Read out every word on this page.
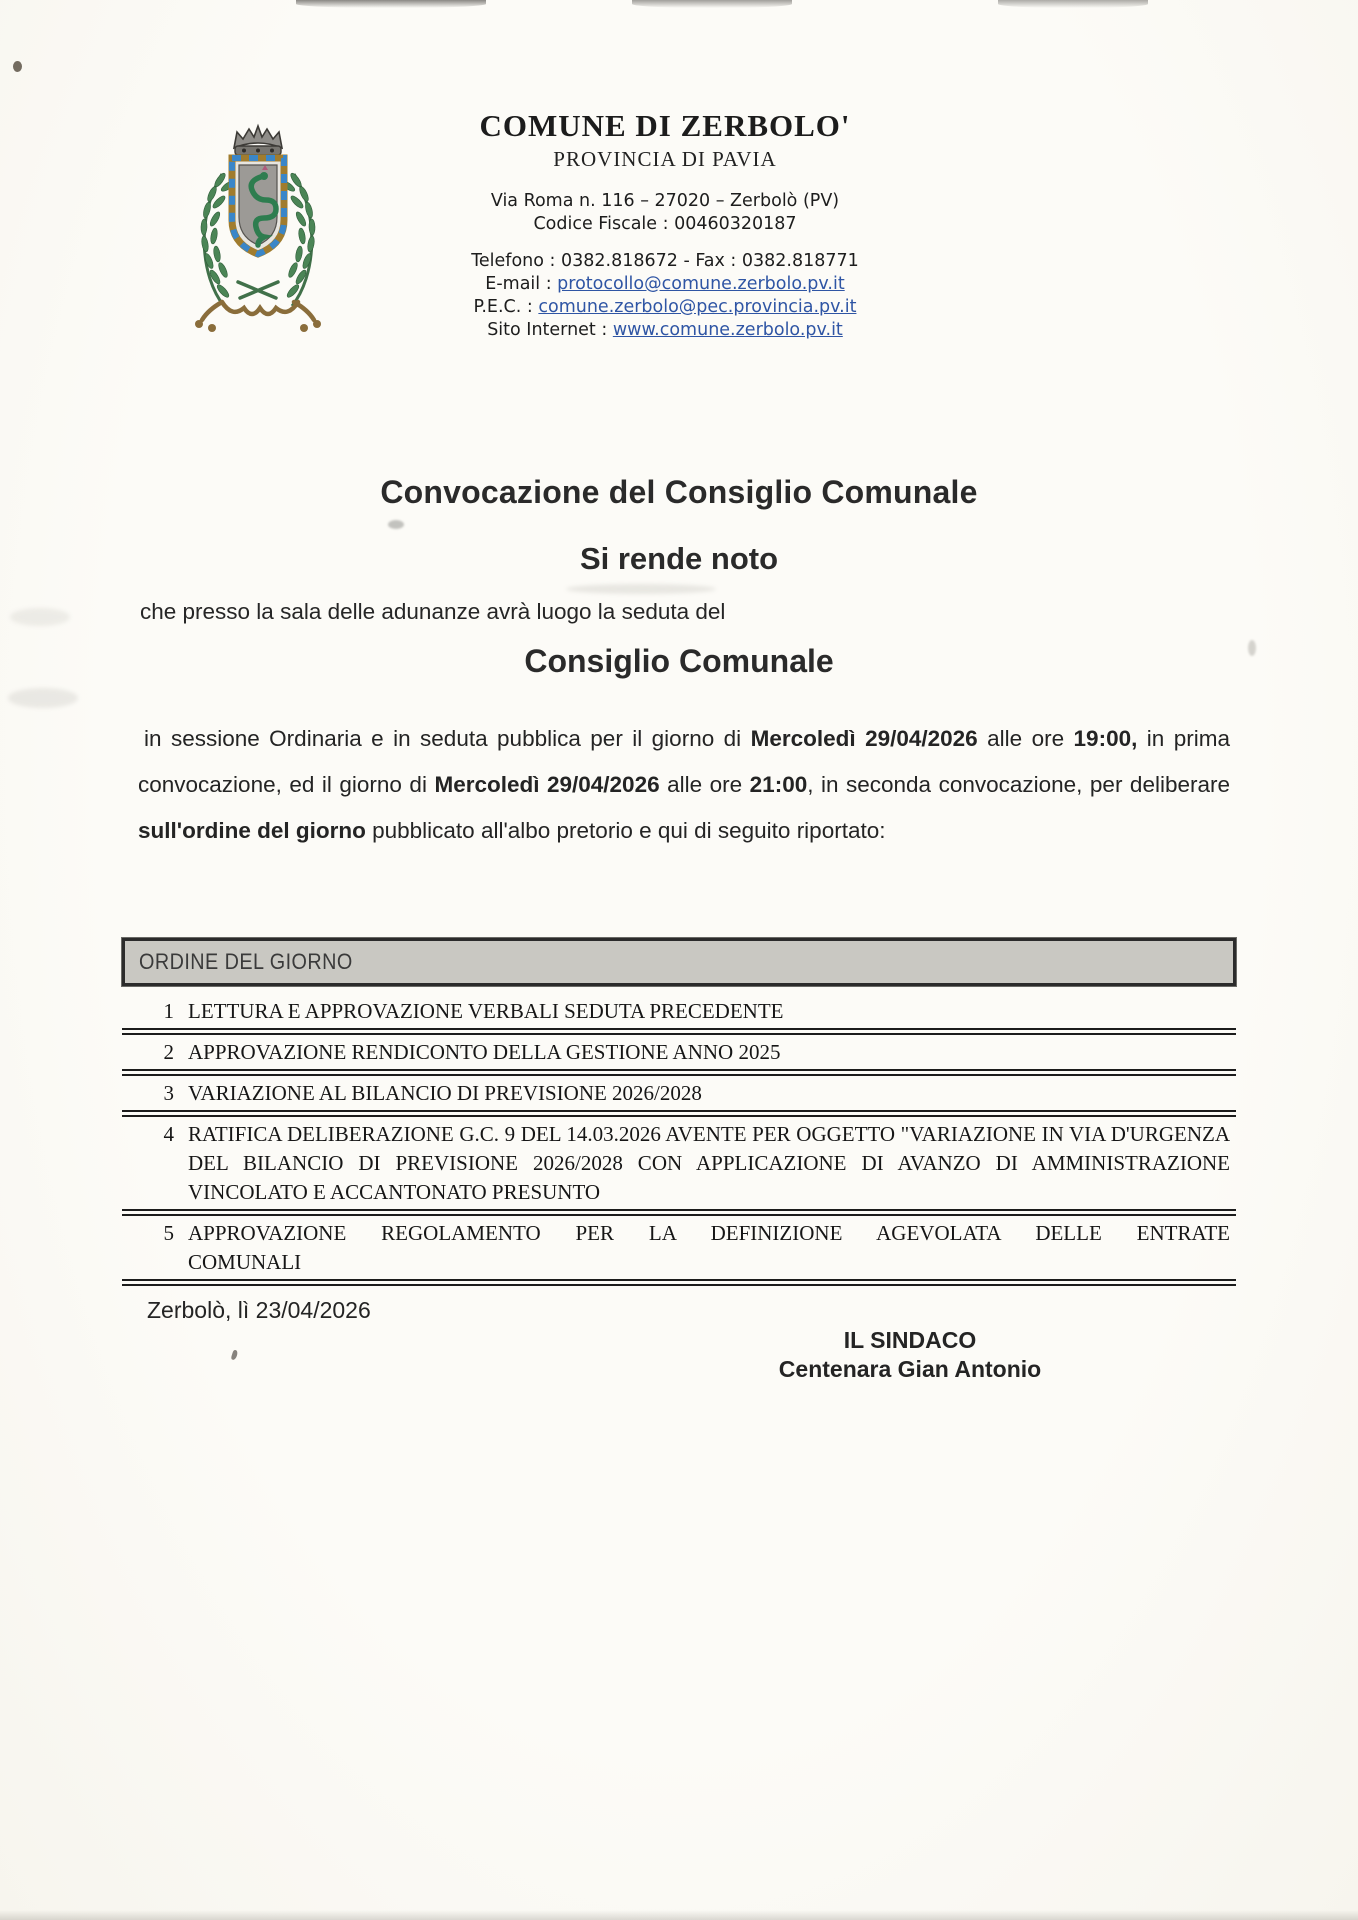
COMUNE DI ZERBOLO'
PROVINCIA DI PAVIA
Via Roma n. 116 – 27020 – Zerbolò (PV)
Codice Fiscale : 00460320187
Telefono : 0382.818672 - Fax : 0382.818771
E-mail : protocollo@comune.zerbolo.pv.it
P.E.C. : comune.zerbolo@pec.provincia.pv.it
Sito Internet : www.comune.zerbolo.pv.it
Convocazione del Consiglio Comunale
Si rende noto

che presso la sala delle adunanze avrà luogo la seduta del

Consiglio Comunale

in sessione Ordinaria e in seduta pubblica per il giorno di Mercoledì 29/04/2026 alle ore 19:00, in prima convocazione, ed il giorno di Mercoledì 29/04/2026 alle ore 21:00, in seconda convocazione, per deliberare sull'ordine del giorno pubblicato all'albo pretorio e qui di seguito riportato:

ORDINE DEL GIORNO
1 LETTURA E APPROVAZIONE VERBALI SEDUTA PRECEDENTE
2 APPROVAZIONE RENDICONTO DELLA GESTIONE ANNO 2025
3 VARIAZIONE AL BILANCIO DI PREVISIONE 2026/2028
4 RATIFICA DELIBERAZIONE G.C. 9 DEL 14.03.2026 AVENTE PER OGGETTO "VARIAZIONE IN VIA D'URGENZA DEL BILANCIO DI PREVISIONE 2026/2028 CON APPLICAZIONE DI AVANZO DI AMMINISTRAZIONE VINCOLATO E ACCANTONATO PRESUNTO
5 APPROVAZIONE REGOLAMENTO PER LA DEFINIZIONE AGEVOLATA DELLE ENTRATE COMUNALI
Zerbolò, lì 23/04/2026
IL SINDACO
Centenara Gian Antonio
